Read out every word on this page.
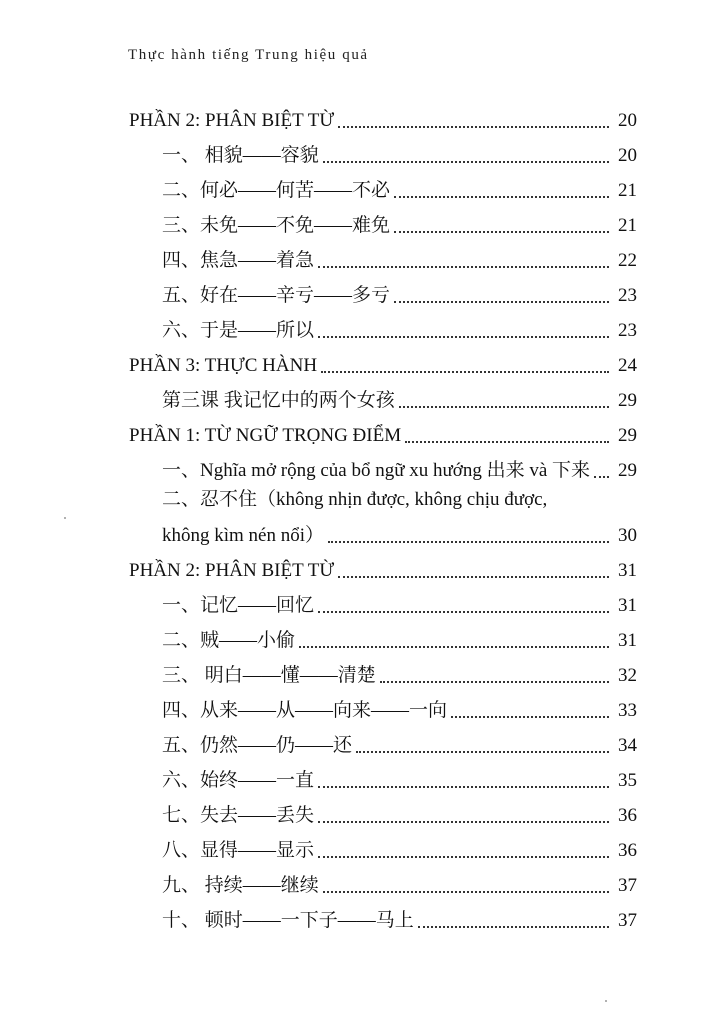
Thực hành tiếng Trung hiệu quả
PHẦN 2: PHÂN BIỆT TỪ	20
一、 相貌——容貌	20
二、何必——何苦——不必	21
三、未免——不免——难免	21
四、焦急——着急	22
五、好在——辛亏——多亏	23
六、于是——所以	23
PHẦN 3: THỰC HÀNH	24
第三课 我记忆中的两个女孩	29
PHẦN 1: TỪ NGỮ TRỌNG ĐIỂM	29
一、Nghĩa mở rộng của bổ ngữ xu hướng 出来 và 下来 29
二、忍不住（không nhịn được, không chịu được,
không kìm nén nổi）	30
PHẦN 2: PHÂN BIỆT TỪ	31
一、记忆——回忆	31
二、贼——小偷	31
三、 明白——懂——清楚	32
四、从来——从——向来——一向	33
五、仍然——仍——还	34
六、始终——一直	35
七、失去——丢失	36
八、显得——显示	36
九、 持续——继续	37
十、 顿时——一下子——马上	37
